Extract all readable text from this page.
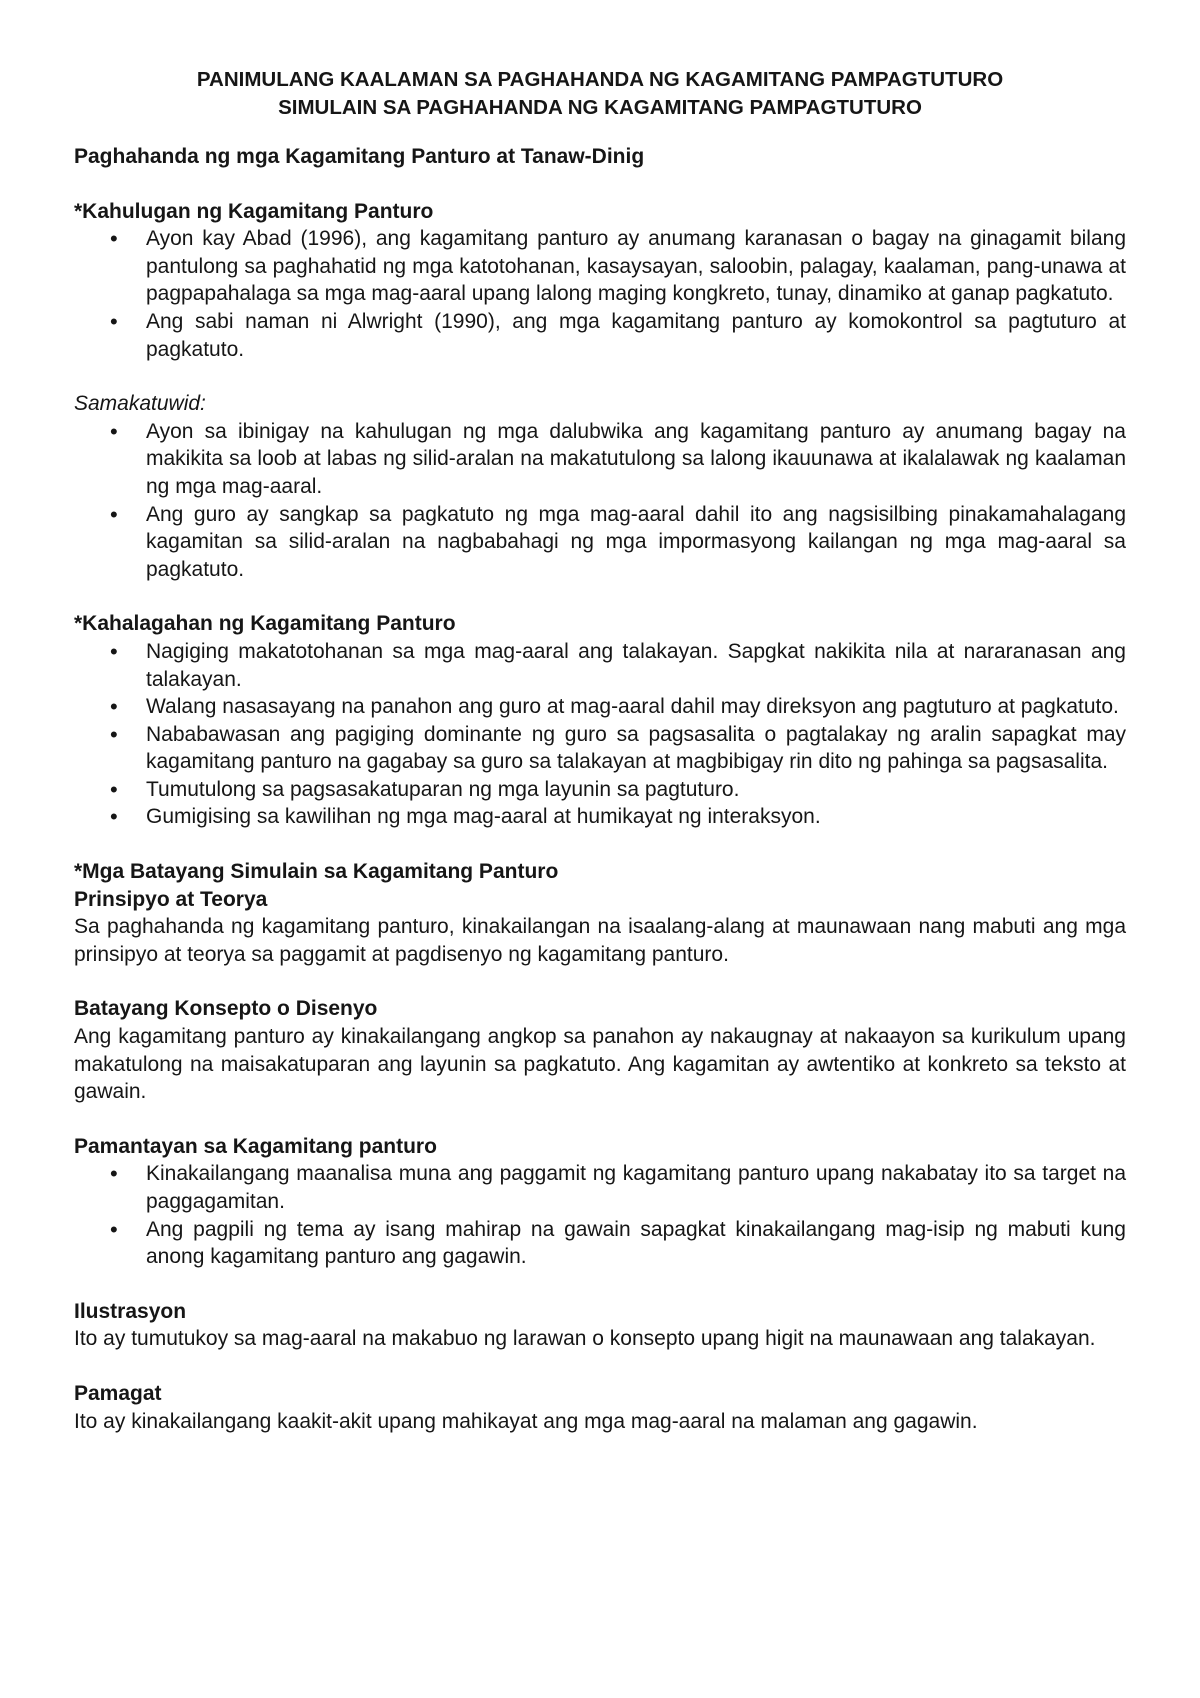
PANIMULANG KAALAMAN SA PAGHAHANDA NG KAGAMITANG PAMPAGTUTURO
SIMULAIN SA PAGHAHANDA NG KAGAMITANG PAMPAGTUTURO
Paghahanda ng mga Kagamitang Panturo at Tanaw-Dinig
*Kahulugan ng Kagamitang Panturo
• Ayon kay Abad (1996), ang kagamitang panturo ay anumang karanasan o bagay na ginagamit bilang pantulong sa paghahatid ng mga katotohanan, kasaysayan, saloobin, palagay, kaalaman, pang-unawa at pagpapahalaga sa mga mag-aaral upang lalong maging kongkreto, tunay, dinamiko at ganap pagkatuto.
• Ang sabi naman ni Alwright (1990), ang mga kagamitang panturo ay komokontrol sa pagtuturo at pagkatuto.
Samakatuwid:
• Ayon sa ibinigay na kahulugan ng mga dalubwika ang kagamitang panturo ay anumang bagay na makikita sa loob at labas ng silid-aralan na makatutulong sa lalong ikauunawa at ikalalawak ng kaalaman ng mga mag-aaral.
• Ang guro ay sangkap sa pagkatuto ng mga mag-aaral dahil ito ang nagsisilbing pinakamahalagang kagamitan sa silid-aralan na nagbabahagi ng mga impormasyong kailangan ng mga mag-aaral sa pagkatuto.
*Kahalagahan ng Kagamitang Panturo
• Nagiging makatotohanan sa mga mag-aaral ang talakayan. Sapgkat nakikita nila at nararanasan ang talakayan.
• Walang nasasayang na panahon ang guro at mag-aaral dahil may direksyon ang pagtuturo at pagkatuto.
• Nababawasan ang pagiging dominante ng guro sa pagsasalita o pagtalakay ng aralin sapagkat may kagamitang panturo na gagabay sa guro sa talakayan at magbibigay rin dito ng pahinga sa pagsasalita.
• Tumutulong sa pagsasakatuparan ng mga layunin sa pagtuturo.
• Gumigising sa kawilihan ng mga mag-aaral at humikayat ng interaksyon.
*Mga Batayang Simulain sa Kagamitang Panturo
Prinsipyo at Teorya

Sa paghahanda ng kagamitang panturo, kinakailangan na isaalang-alang at maunawaan nang mabuti ang mga prinsipyo at teorya sa paggamit at pagdisenyo ng kagamitang panturo.

Batayang Konsepto o Disenyo

Ang kagamitang panturo ay kinakailangang angkop sa panahon ay nakaugnay at nakaayon sa kurikulum upang makatulong na maisakatuparan ang layunin sa pagkatuto. Ang kagamitan ay awtentiko at konkreto sa teksto at gawain.

Pamantayan sa Kagamitang panturo
• Kinakailangang maanalisa muna ang paggamit ng kagamitang panturo upang nakabatay ito sa target na paggagamitan.
• Ang pagpili ng tema ay isang mahirap na gawain sapagkat kinakailangang mag-isip ng mabuti kung anong kagamitang panturo ang gagawin.
Ilustrasyon

Ito ay tumutukoy sa mag-aaral na makabuo ng larawan o konsepto upang higit na maunawaan ang talakayan.

Pamagat

Ito ay kinakailangang kaakit-akit upang mahikayat ang mga mag-aaral na malaman ang gagawin.
